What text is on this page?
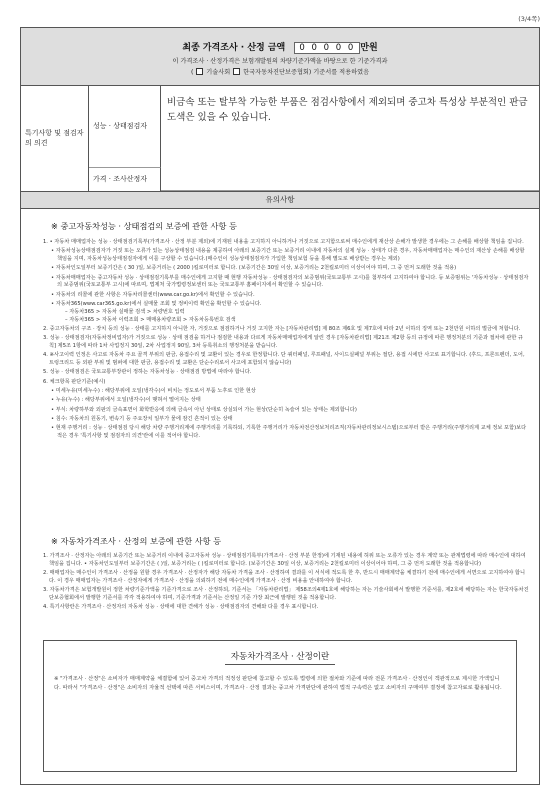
(3/4쪽)
최종 가격조사 · 산정 금액 0 0 0 0 0 만원
이 가격조사 · 산정가격은 보험개발원의 차량기준가액을 바탕으로 한 기준가격과
( 기술사회 한국자동차진단보증협회) 기준서를 적용하였음
특기사항 및 점검자의 의견
성능 · 상태점검자
비금속 또는 탈부착 가능한 부품은 점검사항에서 제외되며 중고차 특성상 부분적인 판금도색은 있을 수 있습니다.
가격 · 조사산정자
유의사항
※ 중고자동차성능 · 상태점검의 보증에 관한 사항 등

1. • 자동차 매매업자는 성능 · 상태점검기록부(가격조사 · 산정 부분 제외)에 기재된 내용을 고지하지 아니하거나 거짓으로 고지함으로써 매수인에게 재산상 손해가 발생한 경우에는 그 손해를 배상할 책임을 집니다.

• 자동차성능상태점검자가 거짓 또는 오류가 있는 성능상태점검 내용을 제공하여 아래의 보증기간 또는 보증거리 이내에 자동차의 실제 성능 · 상태가 다른 경우, 자동차매매업자는 매수인의 재산상 손해를 배상할 책임을 지며, 자동차성능상태점검자에게 이를 구상할 수 있습니다.(매수인이 성능상태점검자가 가입한 책임보험 등을 통해 별도로 배상받는 경우는 제외)

• 자동차인도일부터 보증기간은 ( 30 )일, 보증거리는 ( 2000 )킬로미터로 합니다. (보증기간은 30일 이상, 보증거리는 2천킬로미터 이상이어야 하며, 그 중 먼저 도래한 것을 적용)

• 자동차매매업자는 중고자동차 성능 · 상태점검기록부를 매수인에게 고지할 때 현행 자동차성능 · 상태점검자의 보증범위(국토교통부 고시)를 첨부하여 고지하여야 합니다. 등 보증범위는 '자동차성능 · 상태점검자의 보증범위(국토교통부 고시)에 따르며, 법제처 국가법령정보센터 또는 국토교통부 홈페이지에서 확인할 수 있습니다.

• 자동차의 리콜에 관한 사항은 자동차리콜센터(www.car.go.kr)에서 확인할 수 있습니다.

• 자동차365(www.car365.go.kr)에서 실매물 조회 및 정비이력 확인을 확인할 수 있습니다.

– 자동차365 > 자동차 실매물 검색 > 차량번호 입력

– 자동차365 > 자동차 이력조회 > 매매용차량조회 > 자동차등록번호 검색

2. 중고자동차의 구조 · 장치 등의 성능 · 상태를 고지하지 아니한 자, 거짓으로 점검하거나 거짓 고지한 자는 [자동차관리법] 제 80조 제6호 및 제7호에 따라 2년 이하의 징역 또는 2천만원 이하의 벌금에 처합니다.

3. 성능 · 상태점검자(자동차정비업자)가 거짓으로 성능 · 상태 점검을 하거나 점검한 내용과 다르게 자동차매매업자에게 알린 경우 [자동차관리법] 제21조 제2항 등의 규정에 따른 행정처분의 기준과 절차에 관한 규칙] 제5조 1항에 따라 1차 사업정지 30일, 2차 사업정지 90일, 3차 등록취소의 행정처분을 받습니다.

4. ※사고이력 인정은 사고로 자동차 주요 골격 부위의 판금, 용접수리 및 교환이 있는 경우로 한정합니다. 단 쿼터패널, 루프패널, 사이드실패널 부위는 절단, 용접 시에만 사고로 표기합니다. (후드, 프론트펜더, 도어, 트렁크리드 등 외판 부위 및 범퍼에 대한 판금, 용접수리 및 교환은 단순수리로서 사고에 포함되지 않습니다)

5. 성능 · 상태점검은 국토교통부장관이 정하는 자동차성능 · 상태점검 방법에 따라야 합니다.

6. 체크항목 판단기준(예시)

• 미세누유(미세누수) : 해당부위에 오일(냉각수)이 비치는 정도로서 부품 노후로 인한 현상

• 누유(누수) : 해당부위에서 오일(냉각수)이 맺혀서 떨어지는 상태

• 부식: 차량하부와 외판의 금속표면이 화학반응에 의해 금속이 아닌 상태로 상실되어 가는 현상(단순히 녹슬어 있는 상태는 제외합니다)

• 침수: 자동차의 원동기, 변속기 등 주요장치 일부가 물에 잠긴 흔적이 있는 상태

• 현재 주행거리 : 성능 · 상태점검 당시 해당 차량 주행거리계에 주행거리를 기록하되, 기록한 주행거리가 자동차전산정보처리조직(자동차관리정보시스템)으로부터 받은 주행거리(주행거리계 교체 정보 포함)보다 적은 경우 '특기사항 및 점검자의 의견'란에 이를 적어야 합니다.

※ 자동차가격조사 · 산정의 보증에 관한 사항 등

1. 가격조사 · 산정자는 아래의 보증기간 또는 보증거리 이내에 중고자동차 성능 · 상태점검기록부(가격조사 · 산정 부분 한정)에 기재된 내용에 허위 또는 오류가 있는 경우 계약 또는 관계법령에 따라 매수인에 대하여 책임을 집니다. • 자동차인도일부터 보증기간은 ( )일, 보증거리는 ( )킬로미터로 합니다. (보증기간은 30일 이상, 보증거리는 2천킬로미터 이상이어야 하며, 그 중 먼저 도래한 것을 적용합니다)

2. 매매업자는 매수인이 가격조사 · 산정을 원할 경우 가격조사 · 산정자가 해당 자동차 가격을 조사 · 산정하여 결과를 이 서식에 적도록 한 후, 반드시 매매계약을 체결하기 전에 매수인에게 서면으로 고지하여야 합니다. 이 경우 매매업자는 가격조사 · 산정자에게 가격조사 · 산정을 의뢰하기 전에 매수인에게 가격조사 · 산정 비용을 안내하여야 합니다.

3. 자동차가격은 보험개발원이 정한 차량기준가액을 기준가격으로 조사 · 산정하되, 기준서는 「자동차관리법」 제58조의4제1호에 해당하는 자는 기술사회에서 발행한 기준서를, 제2호에 해당하는 자는 한국자동차진단보증협회에서 발행한 기준서를 각각 적용하여야 하며, 기준가격과 기준서는 산정일 기준 가장 최근에 발행된 것을 적용합니다.

4. 특기사항란은 가격조사 · 산정자의 자동차 성능 · 상태에 대한 견해가 성능 · 상태점검자의 견해와 다를 경우 표시합니다.

자동차가격조사 · 산정이란
※ "가격조사 · 산정"은 소비자가 매매계약을 체결함에 있어 중고차 가격의 적정성 판단에 참고할 수 있도록 법령에 의한 절차와 기준에 따라 전문 가격조사 · 산정인이 객관적으로 제시한 가액입니다. 따라서 "가격조사 · 산정"은 소비자의 자율적 선택에 따른 서비스이며, 가격조사 · 산정 결과는 중고차 가격판단에 관하여 법적 구속력은 없고 소비자의 구매여부 결정에 참고자료로 활용됩니다.
